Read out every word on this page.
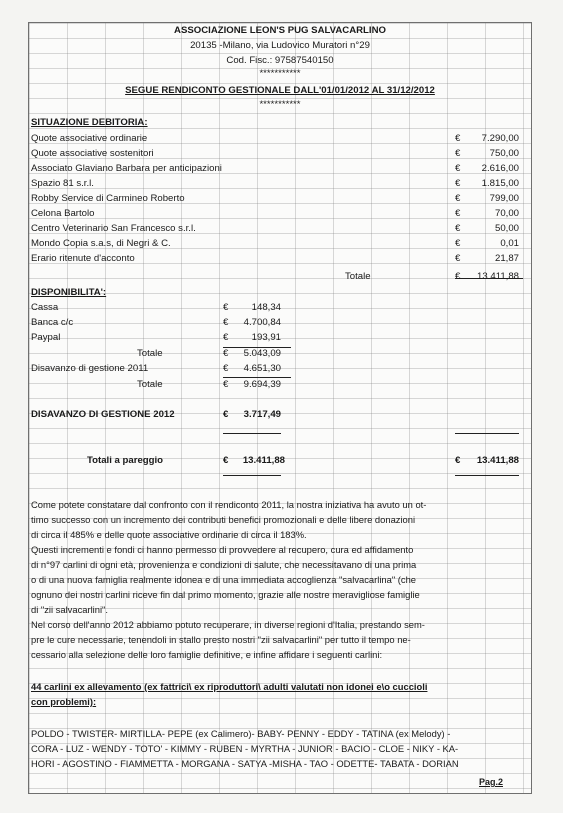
ASSOCIAZIONE LEON'S PUG SALVACARLINO
20135 -Milano, via Ludovico Muratori n°29
Cod. Fisc.: 97587540150
***********
SEGUE RENDICONTO GESTIONALE DALL'01/01/2012 AL 31/12/2012
***********
SITUAZIONE DEBITORIA:
Quote associative ordinarie	€ 7.290,00
Quote associative sostenitori	€	750,00
Associato Glaviano Barbara per anticipazioni	€ 2.616,00
Spazio 81 s.r.l.	€ 1.815,00
Robby Service di Carmineo Roberto	€	799,00
Celona Bartolo	€	70,00
Centro Veterinario San Francesco s.r.l.	€	50,00
Mondo Copia s.a.s, di Negri & C.	€	0,01
Erario ritenute d'acconto	€	21,87
Totale	€ 13.411,88
DISPONIBILITA':
Cassa	€ 148,34
Banca c/c	€ 4.700,84
Paypal	€ 193,91
Totale	€ 5.043,09
Disavanzo di gestione 2011	€ 4.651,30
Totale	€ 9.694,39
DISAVANZO DI GESTIONE 2012	€ 3.717,49
Totali a pareggio	€ 13.411,88	€ 13.411,88
Come potete constatare dal confronto con il rendiconto 2011, la nostra iniziativa ha avuto un ot-
timo successo con un incremento dei contributi benefici promozionali e delle libere donazioni
di circa il 485% e delle quote associative ordinarie di circa il 183%.
Questi incrementi e fondi ci hanno permesso di provvedere al recupero, cura ed affidamento
di n°97 carlini di ogni età, provenienza e condizioni di salute, che necessitavano di una prima
o di una nuova famiglia realmente idonea e di una immediata accoglienza "salvacarlina" (che
ognuno dei nostri carlini riceve fin dal primo momento, grazie alle nostre meravigliose famiglie
di "zii salvacarlini".
Nel corso dell'anno 2012 abbiamo potuto recuperare, in diverse regioni d'Italia, prestando sem-
pre le cure necessarie, tenendoli in stallo presto nostri "zii salvacarlini" per tutto il tempo ne-
cessario alla selezione delle loro famiglie definitive, e infine affidare i seguenti carlini:
44 carlini ex allevamento (ex fattrici\ ex riproduttori\ adulti valutati non idonei e\o cuccioli
con problemi):
POLDO - TWISTER- MIRTILLA- PEPE (ex Calimero)- BABY- PENNY - EDDY - TATINA (ex Melody) -
CORA - LUZ - WENDY - TOTO' - KIMMY - RUBEN - MYRTHA - JUNIOR - BACIO - CLOE - NIKY - KA-
HORI - AGOSTINO - FIAMMETTA - MORGANA - SATYA -MISHA - TAO - ODETTE- TABATA - DORIAN
Pag.2
